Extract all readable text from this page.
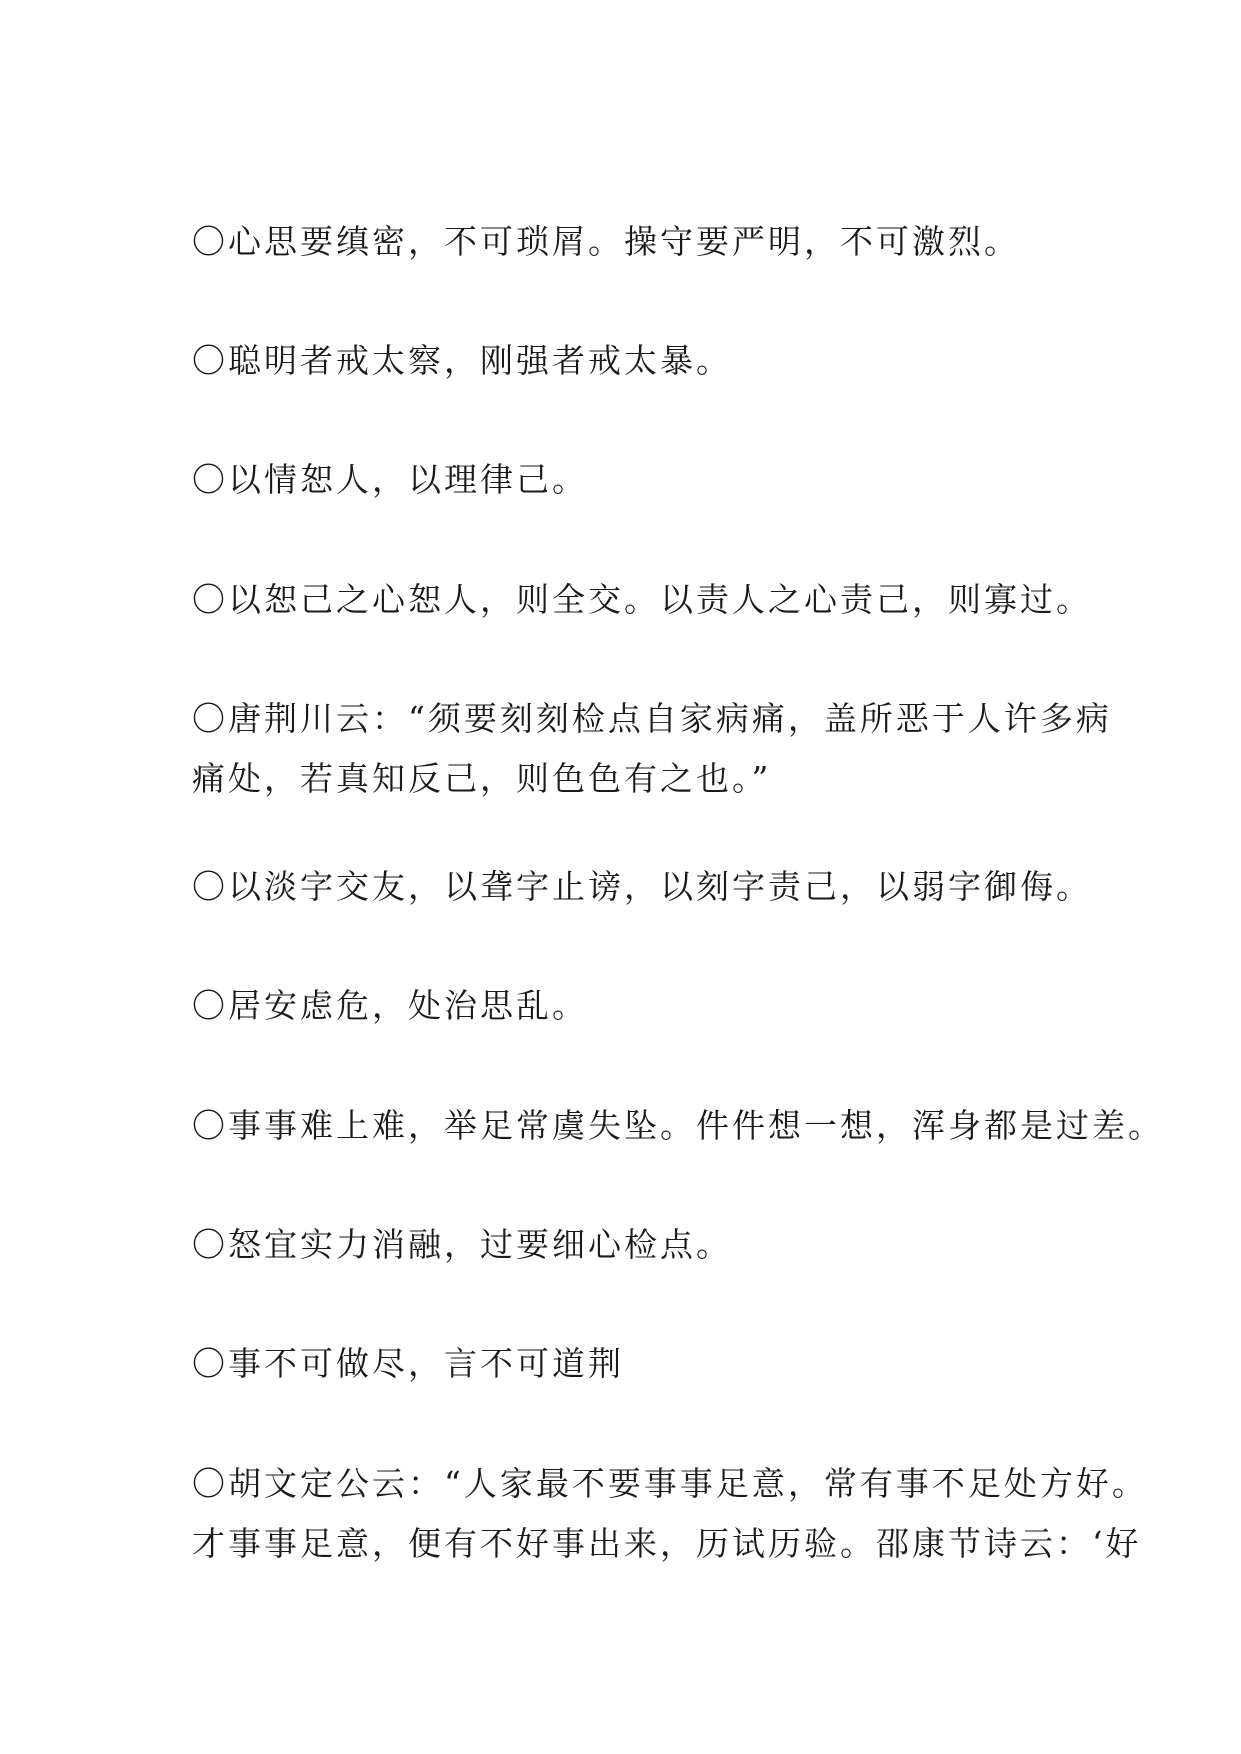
〇心思要缜密，不可琐屑。操守要严明，不可激烈。
〇聪明者戒太察，刚强者戒太暴。
〇以情恕人，以理律己。
〇以恕己之心恕人，则全交。以责人之心责己，则寡过。
〇唐荆川云：“须要刻刻检点自家病痛，盖所恶于人许多病
痛处，若真知反己，则色色有之也。”
〇以淡字交友，以聋字止谤，以刻字责己，以弱字御侮。
〇居安虑危，处治思乱。
〇事事难上难，举足常虞失坠。件件想一想，浑身都是过差。
〇怒宜实力消融，过要细心检点。
〇事不可做尽，言不可道荆
〇胡文定公云：“人家最不要事事足意，常有事不足处方好。
才事事足意，便有不好事出来，历试历验。邵康节诗云：‘好
